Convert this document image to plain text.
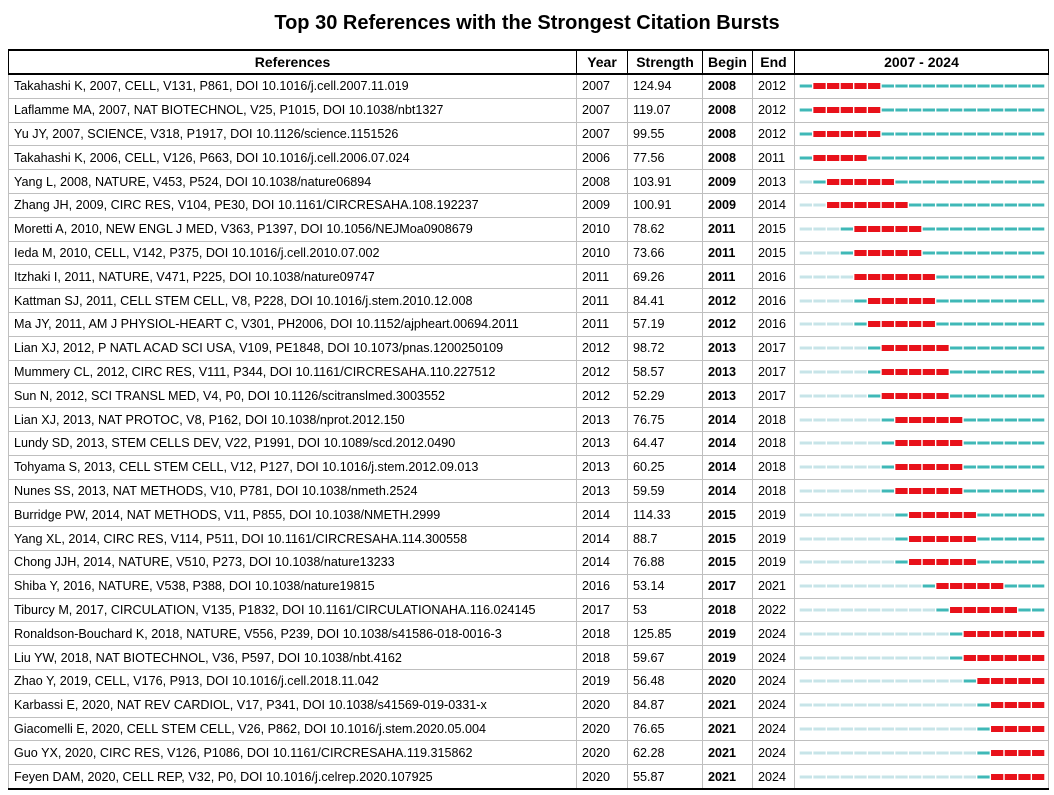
Top 30 References with the Strongest Citation Bursts
References	Year	Strength	Begin	End	2007 - 2024
Takahashi K, 2007, CELL, V131, P861, DOI 10.1016/j.cell.2007.11.019	2007	124.94	2008	2012	

Laflamme MA, 2007, NAT BIOTECHNOL, V25, P1015, DOI 10.1038/nbt1327	2007	119.07	2008	2012	

Yu JY, 2007, SCIENCE, V318, P1917, DOI 10.1126/science.1151526	2007	99.55	2008	2012	

Takahashi K, 2006, CELL, V126, P663, DOI 10.1016/j.cell.2006.07.024	2006	77.56	2008	2011	

Yang L, 2008, NATURE, V453, P524, DOI 10.1038/nature06894	2008	103.91	2009	2013	

Zhang JH, 2009, CIRC RES, V104, PE30, DOI 10.1161/CIRCRESAHA.108.192237	2009	100.91	2009	2014	

Moretti A, 2010, NEW ENGL J MED, V363, P1397, DOI 10.1056/NEJMoa0908679	2010	78.62	2011	2015	

Ieda M, 2010, CELL, V142, P375, DOI 10.1016/j.cell.2010.07.002	2010	73.66	2011	2015	

Itzhaki I, 2011, NATURE, V471, P225, DOI 10.1038/nature09747	2011	69.26	2011	2016	

Kattman SJ, 2011, CELL STEM CELL, V8, P228, DOI 10.1016/j.stem.2010.12.008	2011	84.41	2012	2016	

Ma JY, 2011, AM J PHYSIOL-HEART C, V301, PH2006, DOI 10.1152/ajpheart.00694.2011	2011	57.19	2012	2016	

Lian XJ, 2012, P NATL ACAD SCI USA, V109, PE1848, DOI 10.1073/pnas.1200250109	2012	98.72	2013	2017	

Mummery CL, 2012, CIRC RES, V111, P344, DOI 10.1161/CIRCRESAHA.110.227512	2012	58.57	2013	2017	

Sun N, 2012, SCI TRANSL MED, V4, P0, DOI 10.1126/scitranslmed.3003552	2012	52.29	2013	2017	

Lian XJ, 2013, NAT PROTOC, V8, P162, DOI 10.1038/nprot.2012.150	2013	76.75	2014	2018	

Lundy SD, 2013, STEM CELLS DEV, V22, P1991, DOI 10.1089/scd.2012.0490	2013	64.47	2014	2018	

Tohyama S, 2013, CELL STEM CELL, V12, P127, DOI 10.1016/j.stem.2012.09.013	2013	60.25	2014	2018	

Nunes SS, 2013, NAT METHODS, V10, P781, DOI 10.1038/nmeth.2524	2013	59.59	2014	2018	

Burridge PW, 2014, NAT METHODS, V11, P855, DOI 10.1038/NMETH.2999	2014	114.33	2015	2019	

Yang XL, 2014, CIRC RES, V114, P511, DOI 10.1161/CIRCRESAHA.114.300558	2014	88.7	2015	2019	

Chong JJH, 2014, NATURE, V510, P273, DOI 10.1038/nature13233	2014	76.88	2015	2019	

Shiba Y, 2016, NATURE, V538, P388, DOI 10.1038/nature19815	2016	53.14	2017	2021	

Tiburcy M, 2017, CIRCULATION, V135, P1832, DOI 10.1161/CIRCULATIONAHA.116.024145	2017	53	2018	2022	

Ronaldson-Bouchard K, 2018, NATURE, V556, P239, DOI 10.1038/s41586-018-0016-3	2018	125.85	2019	2024	

Liu YW, 2018, NAT BIOTECHNOL, V36, P597, DOI 10.1038/nbt.4162	2018	59.67	2019	2024	

Zhao Y, 2019, CELL, V176, P913, DOI 10.1016/j.cell.2018.11.042	2019	56.48	2020	2024	

Karbassi E, 2020, NAT REV CARDIOL, V17, P341, DOI 10.1038/s41569-019-0331-x	2020	84.87	2021	2024	

Giacomelli E, 2020, CELL STEM CELL, V26, P862, DOI 10.1016/j.stem.2020.05.004	2020	76.65	2021	2024	

Guo YX, 2020, CIRC RES, V126, P1086, DOI 10.1161/CIRCRESAHA.119.315862	2020	62.28	2021	2024	

Feyen DAM, 2020, CELL REP, V32, P0, DOI 10.1016/j.celrep.2020.107925	2020	55.87	2021	2024	
